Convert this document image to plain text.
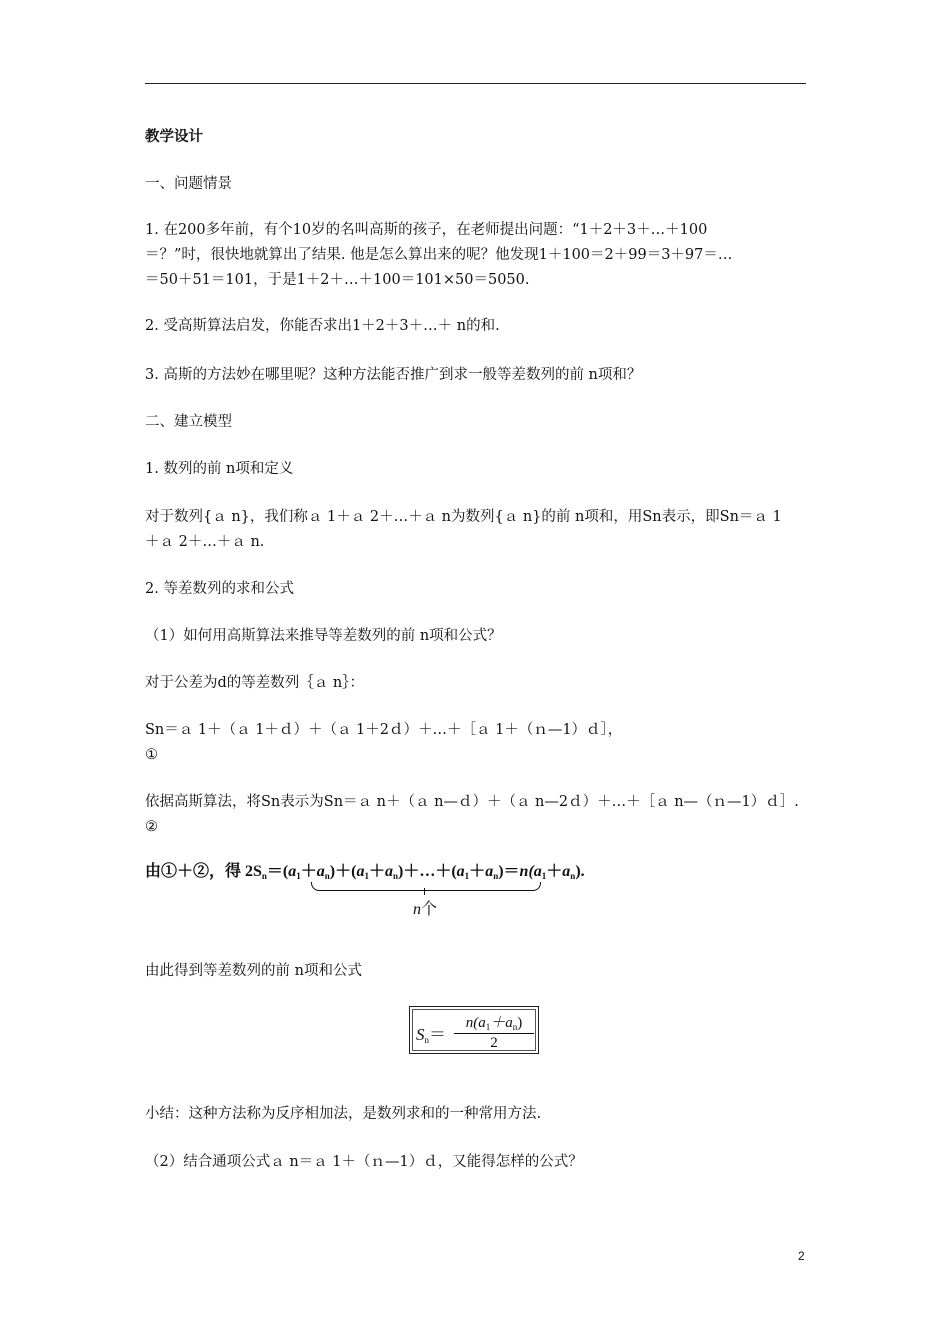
教学设计
一、问题情景
1. 在200多年前，有个10岁的名叫高斯的孩子，在老师提出问题：“1＋2＋3＋…＋100
＝？”时，很快地就算出了结果. 他是怎么算出来的呢？他发现1＋100＝2＋99＝3＋97＝…
＝50＋51＝101，于是1＋2＋…＋100＝101×50＝5050.
2. 受高斯算法启发，你能否求出1＋2＋3＋…＋ n的和.
3. 高斯的方法妙在哪里呢？这种方法能否推广到求一般等差数列的前 n项和？
二、建立模型
1. 数列的前 n项和定义
对于数列{ａ n}，我们称ａ 1＋ａ 2＋…＋ａ n为数列{ａ n}的前 n项和，用Sn表示，即Sn＝ａ 1
＋ａ 2＋…＋ａ n.
2. 等差数列的求和公式
（1）如何用高斯算法来推导等差数列的前 n项和公式？
对于公差为d的等差数列｛ａ n｝：
Sn＝ａ 1＋（ａ 1＋ｄ）＋（ａ 1＋2ｄ）＋…＋［ａ 1＋（ｎ—1）ｄ］，
①
依据高斯算法，将Sn表示为Sn＝ａ n＋（ａ n—ｄ）＋（ａ n—2ｄ）＋…＋［ａ n—（ｎ—1）ｄ］.
②
由①＋②，得 $2S_n=(a_1+a_n)+(a_1+a_n)+\dots+(a_1+a_n)=n(a_1+a_n)$.
n个
由此得到等差数列的前 n项和公式
$S_n=$
$n(a_1+a_n)$
2
小结：这种方法称为反序相加法，是数列求和的一种常用方法.
（2）结合通项公式ａ n＝ａ 1＋（ｎ—1）ｄ，又能得怎样的公式？
2
